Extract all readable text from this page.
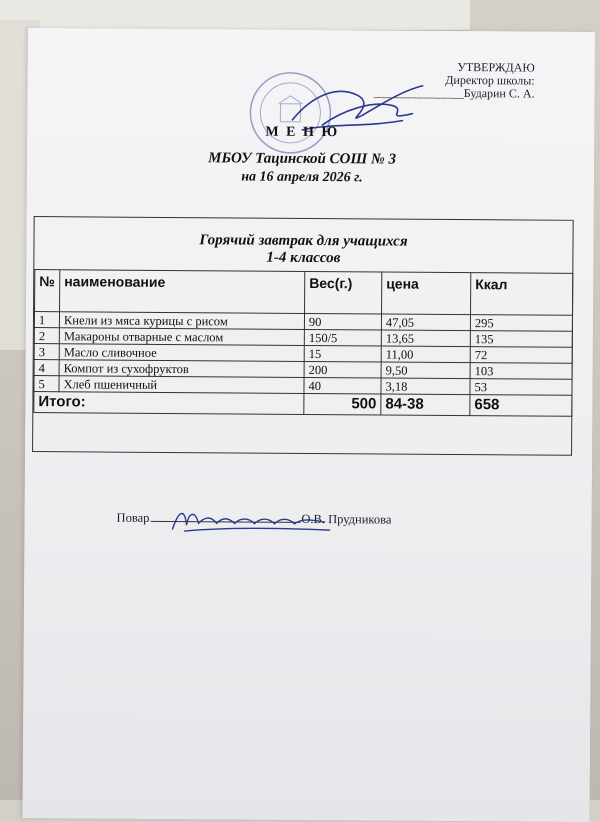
УТВЕРЖДАЮ
Директор школы:
_______________Бударин С. А.
М Е Н Ю
МБОУ Тацинской СОШ № 3
на 16 апреля 2026 г.
Горячий завтрак для учащихся
1-4 классов
№	наименование	Вес(г.)	цена	Ккал
1	Кнели из мяса курицы с рисом	90	47,05	295
2	Макароны отварные с маслом	150/5	13,65	135
3	Масло сливочное	15	11,00	72
4	Компот из сухофруктов	200	9,50	103
5	Хлеб пшеничный	40	3,18	53
Итого:		500	84-38	658
Повар	О.В. Прудникова
